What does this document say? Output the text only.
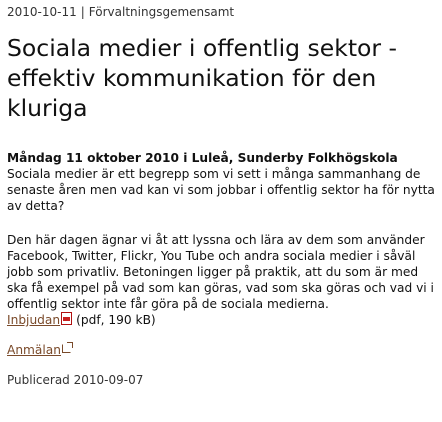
2010-10-11 | Förvaltningsgemensamt
Sociala medier i offentlig sektor - effektiv kommunikation för den kluriga

Måndag 11 oktober 2010 i Luleå, Sunderby Folkhögskola

Sociala medier är ett begrepp som vi sett i många sammanhang de senaste åren men vad kan vi som jobbar i offentlig sektor ha för nytta av detta?

Den här dagen ägnar vi åt att lyssna och lära av dem som använder Facebook, Twitter, Flickr, You Tube och andra sociala medier i såväl jobb som privatliv. Betoningen ligger på praktik, att du som är med ska få exempel på vad som kan göras, vad som ska göras och vad vi i offentlig sektor inte får göra på de sociala medierna.

Inbjudan (pdf, 190 kB)
Anmälan
Publicerad 2010-09-07
